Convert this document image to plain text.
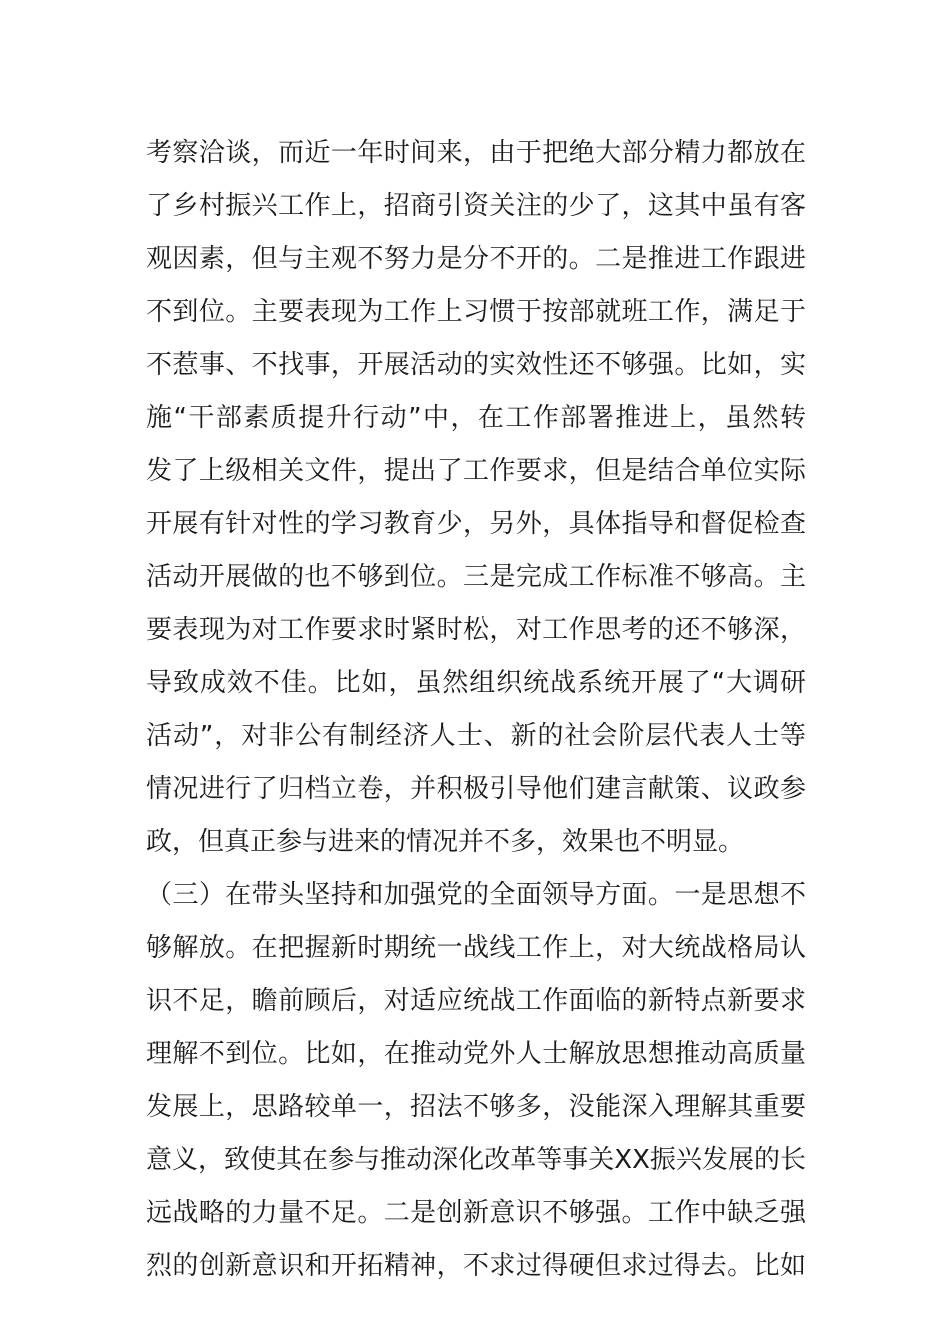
考察洽谈，而近一年时间来，由于把绝大部分精力都放在
了乡村振兴工作上，招商引资关注的少了，这其中虽有客
观因素，但与主观不努力是分不开的。二是推进工作跟进
不到位。主要表现为工作上习惯于按部就班工作，满足于
不惹事、不找事，开展活动的实效性还不够强。比如，实
施“干部素质提升行动”中，在工作部署推进上，虽然转
发了上级相关文件，提出了工作要求，但是结合单位实际
开展有针对性的学习教育少，另外，具体指导和督促检查
活动开展做的也不够到位。三是完成工作标准不够高。主
要表现为对工作要求时紧时松，对工作思考的还不够深，
导致成效不佳。比如，虽然组织统战系统开展了“大调研
活动”，对非公有制经济人士、新的社会阶层代表人士等
情况进行了归档立卷，并积极引导他们建言献策、议政参
政，但真正参与进来的情况并不多，效果也不明显。
（三）在带头坚持和加强党的全面领导方面。一是思想不
够解放。在把握新时期统一战线工作上，对大统战格局认
识不足，瞻前顾后，对适应统战工作面临的新特点新要求
理解不到位。比如，在推动党外人士解放思想推动高质量
发展上，思路较单一，招法不够多，没能深入理解其重要
意义，致使其在参与推动深化改革等事关XX振兴发展的长
远战略的力量不足。二是创新意识不够强。工作中缺乏强
烈的创新意识和开拓精神，不求过得硬但求过得去。比如
